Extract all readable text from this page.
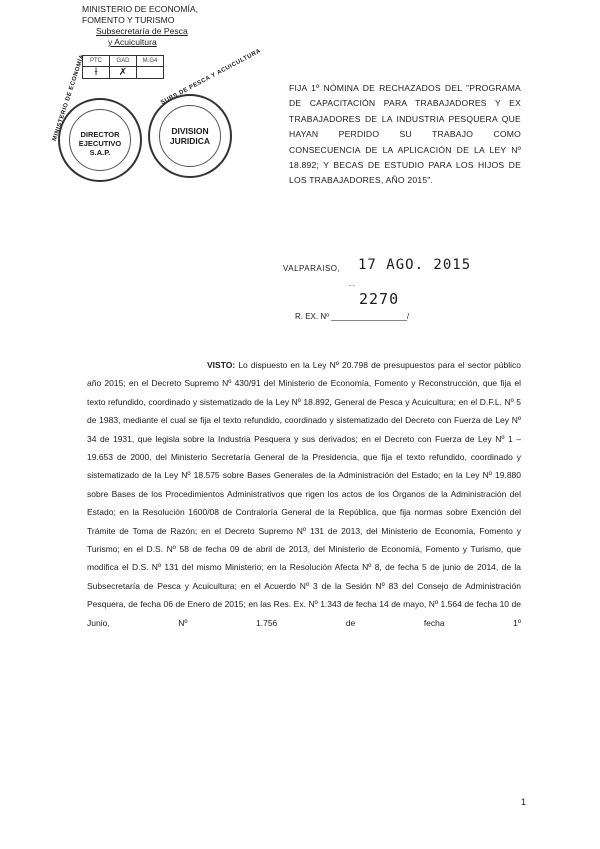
MINISTERIO DE ECONOMÍA,
FOMENTO Y TURISMO
Subsecretaría de Pesca
y Acuicultura
PTC	GAD	M.G4
ɫ	✗	
DIRECTOR
EJECUTIVO
S.A.P.
MINISTERIO DE ECONOMÍA	DIVISION
JURIDICA
SUBS DE PESCA Y ACUICULTURA	FIJA 1º NÓMINA DE RECHAZADOS DEL "PROGRAMA DE CAPACITACIÓN PARA TRABAJADORES Y EX TRABAJADORES DE LA INDUSTRIA PESQUERA QUE HAYAN PERDIDO SU TRABAJO COMO CONSECUENCIA DE LA APLICACIÓN DE LA LEY Nº 18.892; Y BECAS DE ESTUDIO PARA LOS HIJOS DE LOS TRABAJADORES, AÑO 2015".
VALPARAISO, 17 AGO. 2015
- -
2270
R. EX. Nº _________________/
VISTO: Lo dispuesto en la Ley Nº 20.798 de presupuestos para el sector público año 2015; en el Decreto Supremo Nº 430/91 del Ministerio de Economía, Fomento y Reconstrucción, que fija el texto refundido, coordinado y sistematizado de la Ley Nº 18.892, General de Pesca y Acuicultura; en el D.F.L. Nº 5 de 1983, mediante el cual se fija el texto refundido, coordinado y sistematizado del Decreto con Fuerza de Ley Nº 34 de 1931, que legisla sobre la Industria Pesquera y sus derivados; en el Decreto con Fuerza de Ley Nº 1 – 19.653 de 2000, del Ministerio Secretaría General de la Presidencia, que fija el texto refundido, coordinado y sistematizado de la Ley Nº 18.575 sobre Bases Generales de la Administración del Estado; en la Ley Nº 19.880 sobre Bases de los Procedimientos Administrativos que rigen los actos de los Órganos de la Administración del Estado; en la Resolución 1600/08 de Contraloría General de la República, que fija normas sobre Exención del Trámite de Toma de Razón; en el Decreto Supremo Nº 131 de 2013, del Ministerio de Economía, Fomento y Turismo; en el D.S. Nº 58 de fecha 09 de abril de 2013, del Ministerio de Economía, Fomento y Turismo, que modifica el D.S. Nº 131 del mismo Ministerio; en la Resolución Afecta Nº 8, de fecha 5 de junio de 2014, de la Subsecretaría de Pesca y Acuicultura; en el Acuerdo Nº 3 de la Sesión Nº 83 del Consejo de Administración Pesquera, de fecha 06 de Enero de 2015; en las Res. Ex. Nº 1.343 de fecha 14 de mayo, Nº 1.564 de fecha 10 de Junio, Nº 1.756 de fecha 1º
1
